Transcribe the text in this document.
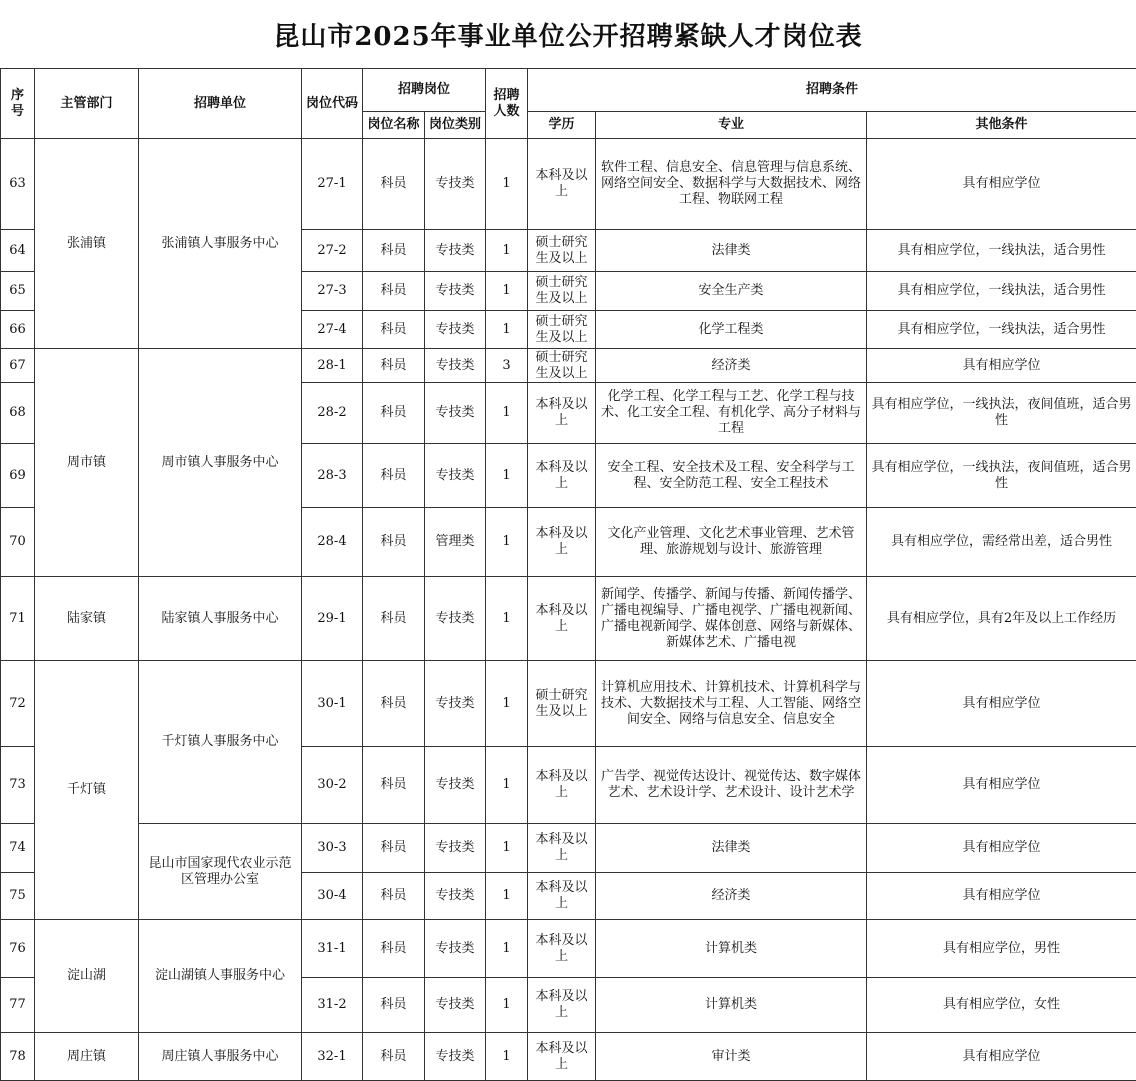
昆山市2025年事业单位公开招聘紧缺人才岗位表
序号	主管部门	招聘单位	岗位代码	招聘岗位		招聘人数	招聘条件		
				岗位名称	岗位类别		学历	专业	其他条件
63	张浦镇	张浦镇人事服务中心	27-1	科员	专技类	1	本科及以上	软件工程、信息安全、信息管理与信息系统、网络空间安全、数据科学与大数据技术、网络工程、物联网工程	具有相应学位
64			27-2	科员	专技类	1	硕士研究生及以上	法律类	具有相应学位，一线执法，适合男性
65			27-3	科员	专技类	1	硕士研究生及以上	安全生产类	具有相应学位，一线执法，适合男性
66			27-4	科员	专技类	1	硕士研究生及以上	化学工程类	具有相应学位，一线执法，适合男性
67	周市镇	周市镇人事服务中心	28-1	科员	专技类	3	硕士研究生及以上	经济类	具有相应学位
68			28-2	科员	专技类	1	本科及以上	化学工程、化学工程与工艺、化学工程与技术、化工安全工程、有机化学、高分子材料与工程	具有相应学位，一线执法，夜间值班，适合男性
69			28-3	科员	专技类	1	本科及以上	安全工程、安全技术及工程、安全科学与工程、安全防范工程、安全工程技术	具有相应学位，一线执法，夜间值班，适合男性
70			28-4	科员	管理类	1	本科及以上	文化产业管理、文化艺术事业管理、艺术管理、旅游规划与设计、旅游管理	具有相应学位，需经常出差，适合男性
71	陆家镇	陆家镇人事服务中心	29-1	科员	专技类	1	本科及以上	新闻学、传播学、新闻与传播、新闻传播学、广播电视编导、广播电视学、广播电视新闻、广播电视新闻学、媒体创意、网络与新媒体、新媒体艺术、广播电视	具有相应学位，具有2年及以上工作经历
72	千灯镇	千灯镇人事服务中心	30-1	科员	专技类	1	硕士研究生及以上	计算机应用技术、计算机技术、计算机科学与技术、大数据技术与工程、人工智能、网络空间安全、网络与信息安全、信息安全	具有相应学位
73			30-2	科员	专技类	1	本科及以上	广告学、视觉传达设计、视觉传达、数字媒体艺术、艺术设计学、艺术设计、设计艺术学	具有相应学位
74		昆山市国家现代农业示范区管理办公室	30-3	科员	专技类	1	本科及以上	法律类	具有相应学位
75			30-4	科员	专技类	1	本科及以上	经济类	具有相应学位
76	淀山湖	淀山湖镇人事服务中心	31-1	科员	专技类	1	本科及以上	计算机类	具有相应学位，男性
77			31-2	科员	专技类	1	本科及以上	计算机类	具有相应学位，女性
78	周庄镇	周庄镇人事服务中心	32-1	科员	专技类	1	本科及以上	审计类	具有相应学位
